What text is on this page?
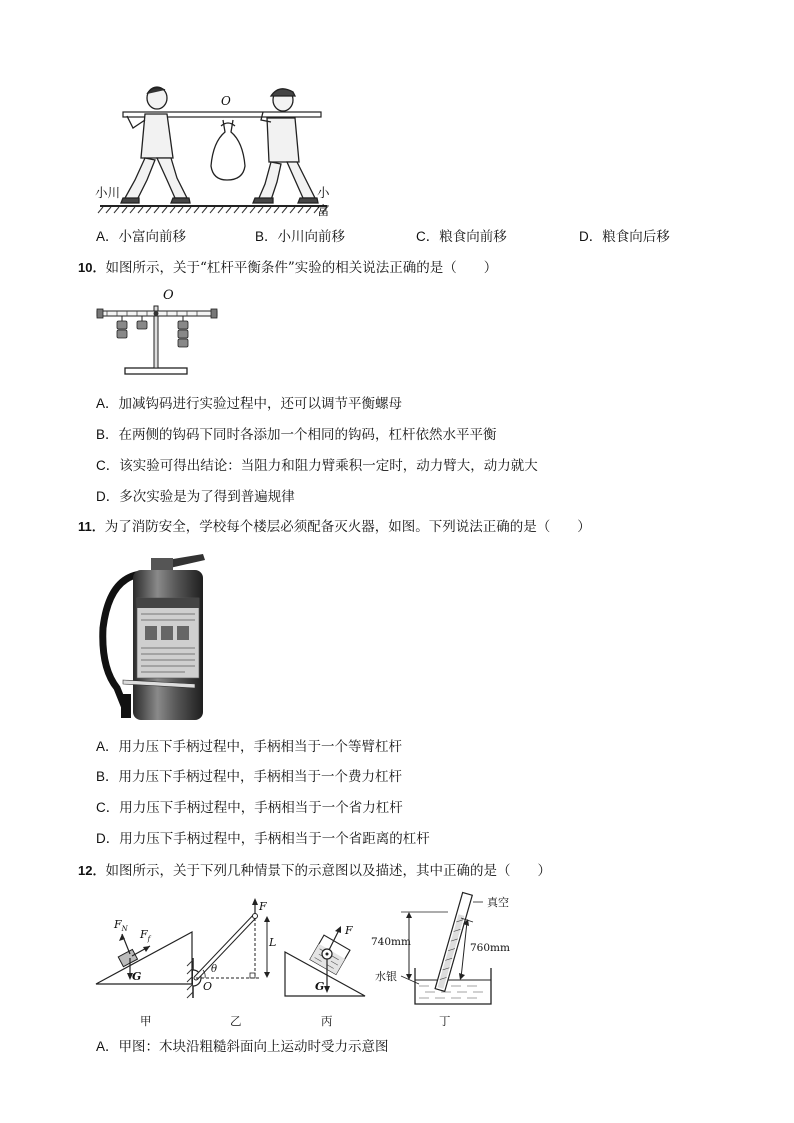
O
小川	小富
A．小富向前移	B．小川向前移	C．粮食向前移	D．粮食向后移
10．如图所示，关于“杠杆平衡条件”实验的相关说法正确的是（　　）
O
A．加减钩码进行实验过程中，还可以调节平衡螺母
B．在两侧的钩码下同时各添加一个相同的钩码，杠杆依然水平平衡
C．该实验可得出结论：当阻力和阻力臂乘积一定时，动力臂大，动力就大
D．多次实验是为了得到普遍规律
11．为了消防安全，学校每个楼层必须配备灭火器，如图。下列说法正确的是（　　）
A．用力压下手柄过程中，手柄相当于一个等臂杠杆
B．用力压下手柄过程中，手柄相当于一个费力杠杆
C．用力压下手柄过程中，手柄相当于一个省力杠杆
D．用力压下手柄过程中，手柄相当于一个省距离的杠杆
12．如图所示，关于下列几种情景下的示意图以及描述，其中正确的是（　　）
$F_N$ $F_f$
G
甲
F
L
θ
O
乙
F
G
丙
真空
740mm	760mm
水银
丁
A．甲图：木块沿粗糙斜面向上运动时受力示意图
